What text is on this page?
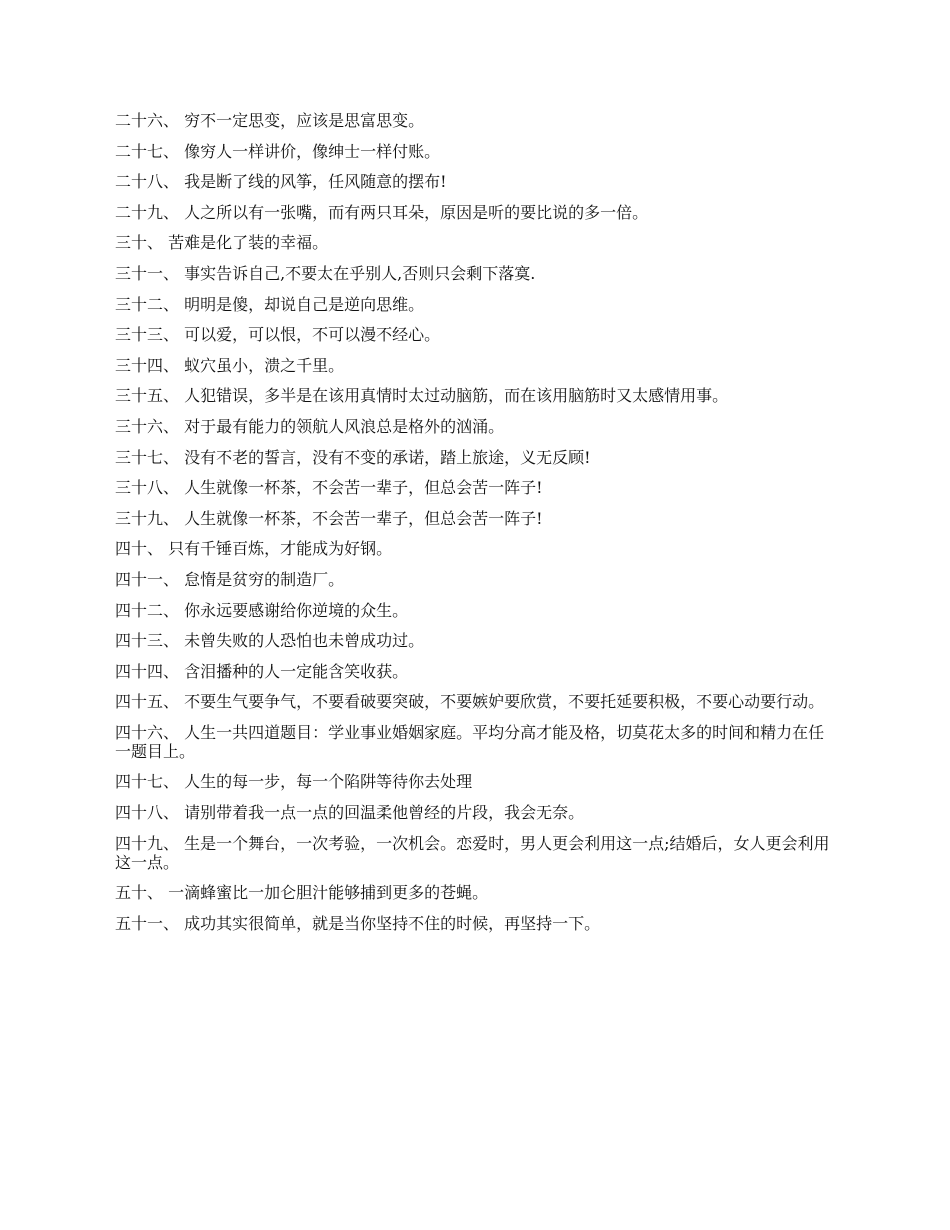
二十六、 穷不一定思变，应该是思富思变。

二十七、 像穷人一样讲价，像绅士一样付账。

二十八、 我是断了线的风筝，任风随意的摆布!

二十九、 人之所以有一张嘴，而有两只耳朵，原因是听的要比说的多一倍。

三十、 苦难是化了装的幸福。

三十一、 事实告诉自己,不要太在乎别人,否则只会剩下落寞.

三十二、 明明是傻，却说自己是逆向思维。

三十三、 可以爱，可以恨，不可以漫不经心。

三十四、 蚁穴虽小，溃之千里。

三十五、 人犯错误，多半是在该用真情时太过动脑筋，而在该用脑筋时又太感情用事。

三十六、 对于最有能力的领航人风浪总是格外的汹涌。

三十七、 没有不老的誓言，没有不变的承诺，踏上旅途，义无反顾!

三十八、 人生就像一杯茶，不会苦一辈子，但总会苦一阵子!

三十九、 人生就像一杯茶，不会苦一辈子，但总会苦一阵子!

四十、 只有千锤百炼，才能成为好钢。

四十一、 怠惰是贫穷的制造厂。

四十二、 你永远要感谢给你逆境的众生。

四十三、 未曾失败的人恐怕也未曾成功过。

四十四、 含泪播种的人一定能含笑收获。

四十五、 不要生气要争气，不要看破要突破，不要嫉妒要欣赏，不要托延要积极，不要心动要行动。

四十六、 人生一共四道题目：学业事业婚姻家庭。平均分高才能及格，切莫花太多的时间和精力在任一题目上。

四十七、 人生的每一步，每一个陷阱等待你去处理

四十八、 请别带着我一点一点的回温柔他曾经的片段，我会无奈。

四十九、 生是一个舞台，一次考验，一次机会。恋爱时，男人更会利用这一点;结婚后，女人更会利用这一点。

五十、 一滴蜂蜜比一加仑胆汁能够捕到更多的苍蝇。

五十一、 成功其实很简单，就是当你坚持不住的时候，再坚持一下。
